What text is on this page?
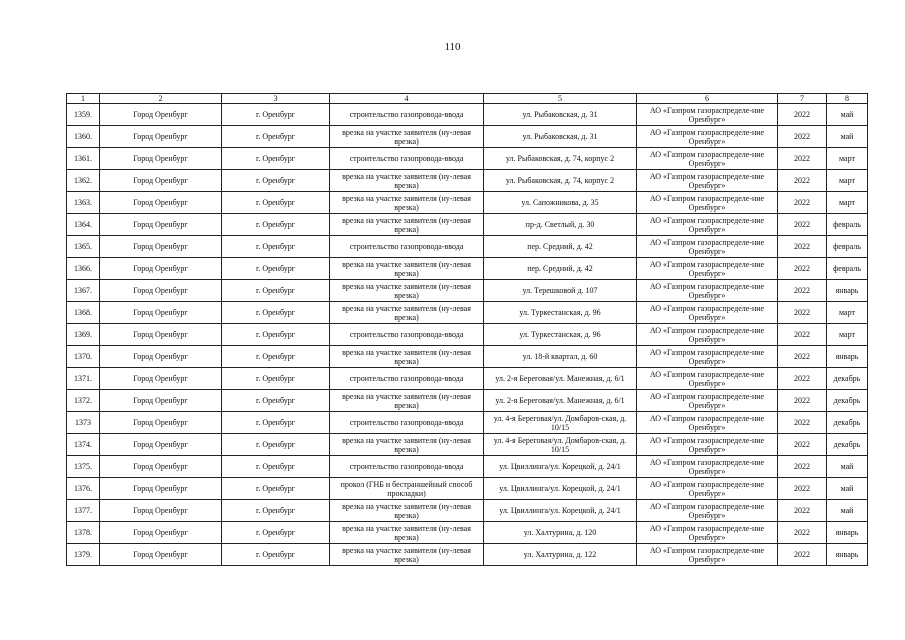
110
1	2	3	4	5	6	7	8
1359.	Город Оренбург	г. Оренбург	строительство газопровода-ввода	ул. Рыбаковская, д. 31	АО «Газпром газораспределе-ние Оренбург»	2022	май
1360.	Город Оренбург	г. Оренбург	врезка на участке заявителя (ну-левая врезка)	ул. Рыбаковская, д. 31	АО «Газпром газораспределе-ние Оренбург»	2022	май
1361.	Город Оренбург	г. Оренбург	строительство газопровода-ввода	ул. Рыбаковская, д. 74, корпус 2	АО «Газпром газораспределе-ние Оренбург»	2022	март
1362.	Город Оренбург	г. Оренбург	врезка на участке заявителя (ну-левая врезка)	ул. Рыбаковская, д. 74, корпус 2	АО «Газпром газораспределе-ние Оренбург»	2022	март
1363.	Город Оренбург	г. Оренбург	врезка на участке заявителя (ну-левая врезка)	ул. Сапожникова, д. 35	АО «Газпром газораспределе-ние Оренбург»	2022	март
1364.	Город Оренбург	г. Оренбург	врезка на участке заявителя (ну-левая врезка)	пр-д. Светлый, д. 30	АО «Газпром газораспределе-ние Оренбург»	2022	февраль
1365.	Город Оренбург	г. Оренбург	строительство газопровода-ввода	пер. Средний, д. 42	АО «Газпром газораспределе-ние Оренбург»	2022	февраль
1366.	Город Оренбург	г. Оренбург	врезка на участке заявителя (ну-левая врезка)	пер. Средний, д. 42	АО «Газпром газораспределе-ние Оренбург»	2022	февраль
1367.	Город Оренбург	г. Оренбург	врезка на участке заявителя (ну-левая врезка)	ул. Терешковой д. 107	АО «Газпром газораспределе-ние Оренбург»	2022	январь
1368.	Город Оренбург	г. Оренбург	врезка на участке заявителя (ну-левая врезка)	ул. Туркестанская, д. 96	АО «Газпром газораспределе-ние Оренбург»	2022	март
1369.	Город Оренбург	г. Оренбург	строительство газопровода-ввода	ул. Туркестанская, д. 96	АО «Газпром газораспределе-ние Оренбург»	2022	март
1370.	Город Оренбург	г. Оренбург	врезка на участке заявителя (ну-левая врезка)	ул. 18-й квартал, д. 60	АО «Газпром газораспределе-ние Оренбург»	2022	январь
1371.	Город Оренбург	г. Оренбург	строительство газопровода-ввода	ул. 2-я Береговая/ул. Манежная, д. 6/1	АО «Газпром газораспределе-ние Оренбург»	2022	декабрь
1372.	Город Оренбург	г. Оренбург	врезка на участке заявителя (ну-левая врезка)	ул. 2-я Береговая/ул. Манежная, д. 6/1	АО «Газпром газораспределе-ние Оренбург»	2022	декабрь
1373	Город Оренбург	г. Оренбург	строительство газопровода-ввода	ул. 4-я Береговая/ул. Домбаров-ская, д. 10/15	АО «Газпром газораспределе-ние Оренбург»	2022	декабрь
1374.	Город Оренбург	г. Оренбург	врезка на участке заявителя (ну-левая врезка)	ул. 4-я Береговая/ул. Домбаров-ская, д. 10/15	АО «Газпром газораспределе-ние Оренбург»	2022	декабрь
1375.	Город Оренбург	г. Оренбург	строительство газопровода-ввода	ул. Цвиллинга/ул. Корецкой, д. 24/1	АО «Газпром газораспределе-ние Оренбург»	2022	май
1376.	Город Оренбург	г. Оренбург	прокол (ГНБ и бестраншейный способ прокладки)	ул. Цвиллинга/ул. Корецкой, д. 24/1	АО «Газпром газораспределе-ние Оренбург»	2022	май
1377.	Город Оренбург	г. Оренбург	врезка на участке заявителя (ну-левая врезка)	ул. Цвиллинга/ул. Корецкой, д. 24/1	АО «Газпром газораспределе-ние Оренбург»	2022	май
1378.	Город Оренбург	г. Оренбург	врезка на участке заявителя (ну-левая врезка)	ул. Халтурина, д. 120	АО «Газпром газораспределе-ние Оренбург»	2022	январь
1379.	Город Оренбург	г. Оренбург	врезка на участке заявителя (ну-левая врезка)	ул. Халтурина, д. 122	АО «Газпром газораспределе-ние Оренбург»	2022	январь
